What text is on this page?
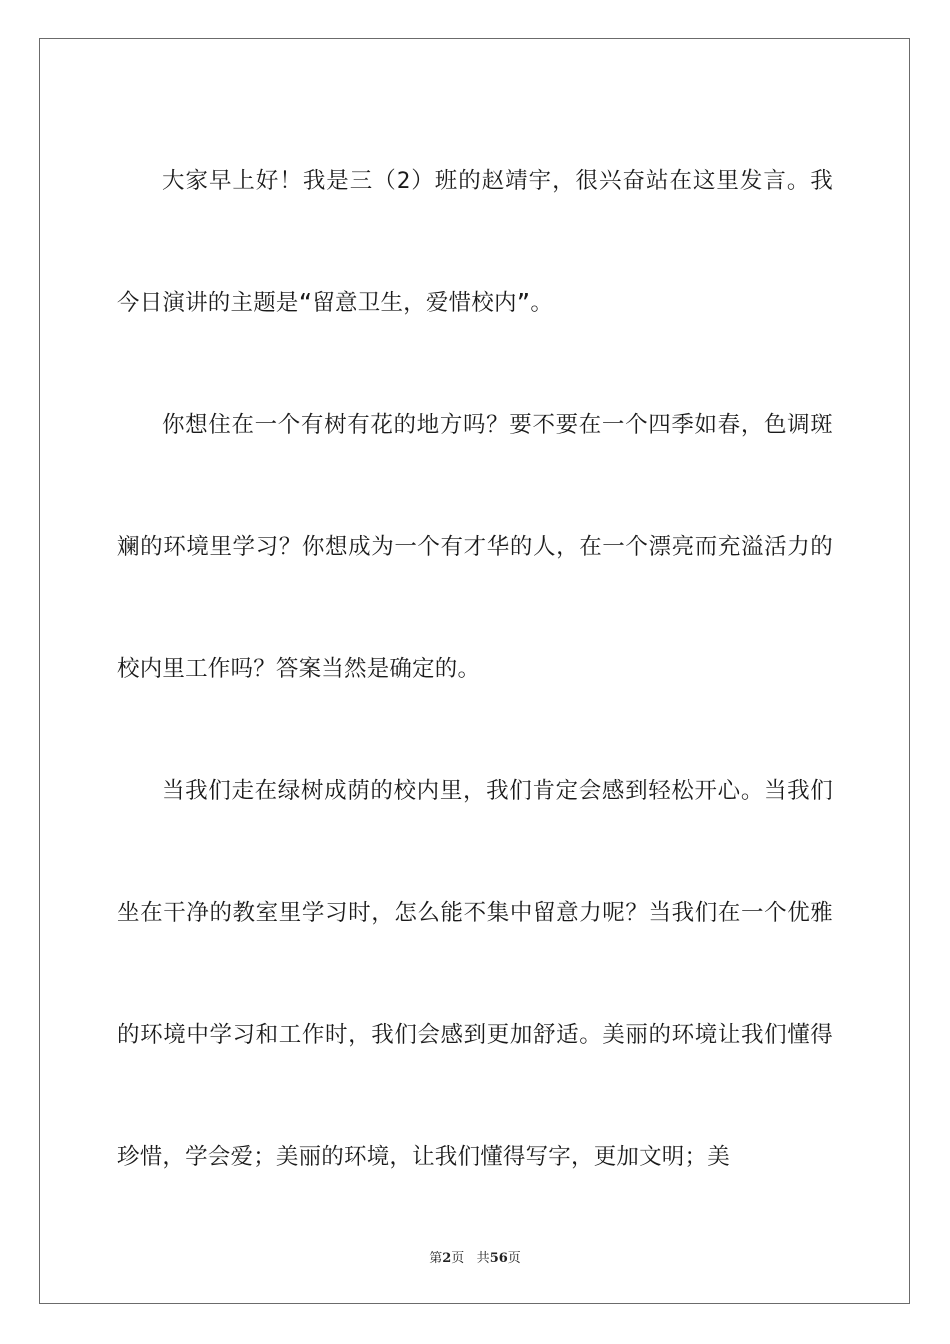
大家早上好！我是三（2）班的赵靖宇，很兴奋站在这里发言。我今日演讲的主题是“留意卫生，爱惜校内”。

你想住在一个有树有花的地方吗？要不要在一个四季如春，色调斑斓的环境里学习？你想成为一个有才华的人，在一个漂亮而充溢活力的校内里工作吗？答案当然是确定的。

当我们走在绿树成荫的校内里，我们肯定会感到轻松开心。当我们坐在干净的教室里学习时，怎么能不集中留意力呢？当我们在一个优雅的环境中学习和工作时，我们会感到更加舒适。美丽的环境让我们懂得珍惜，学会爱；美丽的环境，让我们懂得写字，更加文明；美

第2页 共56页
